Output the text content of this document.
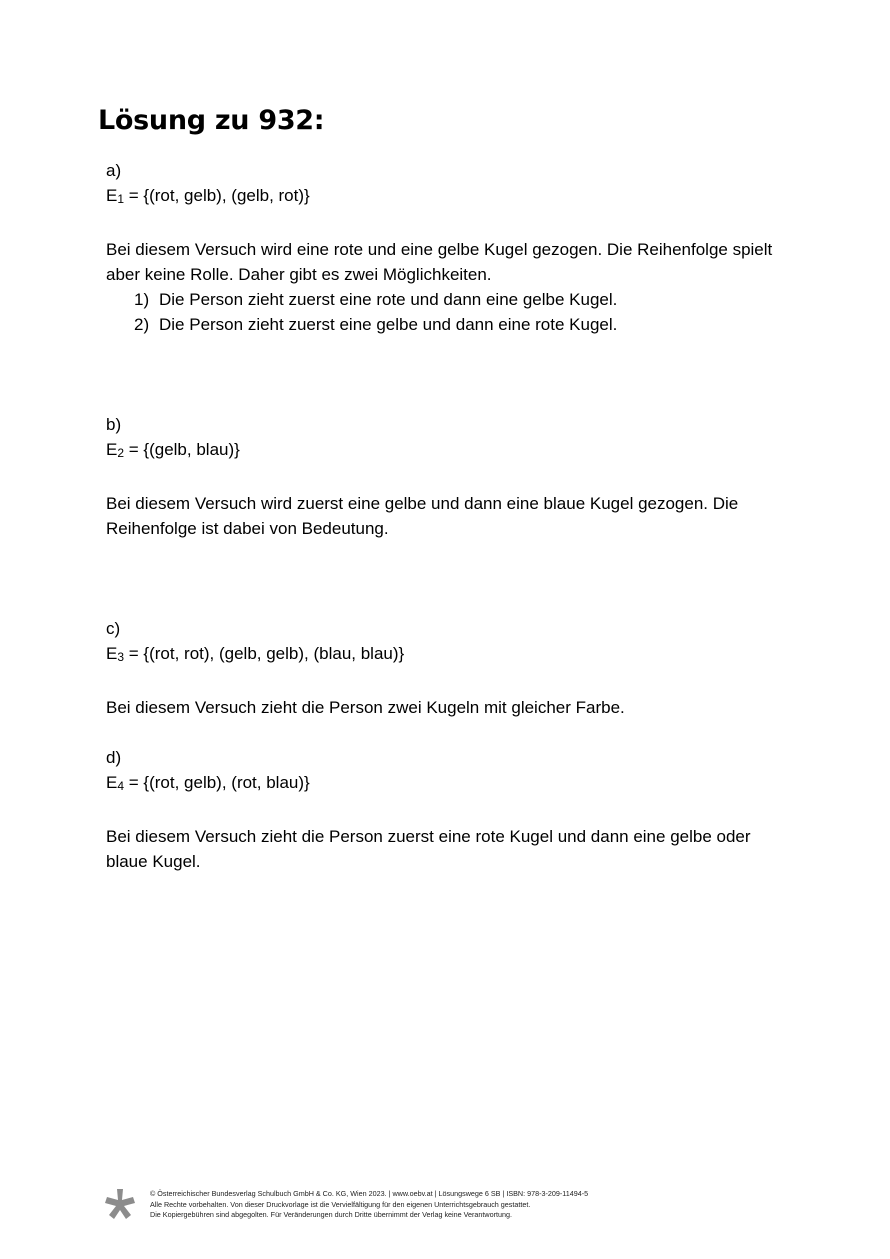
Lösung zu 932:

a)

E1 = {(rot, gelb), (gelb, rot)}

Bei diesem Versuch wird eine rote und eine gelbe Kugel gezogen. Die Reihenfolge spielt

aber keine Rolle. Daher gibt es zwei Möglichkeiten.

1) Die Person zieht zuerst eine rote und dann eine gelbe Kugel.
2) Die Person zieht zuerst eine gelbe und dann eine rote Kugel.

b)

E2 = {(gelb, blau)}

Bei diesem Versuch wird zuerst eine gelbe und dann eine blaue Kugel gezogen. Die

Reihenfolge ist dabei von Bedeutung.

c)

E3 = {(rot, rot), (gelb, gelb), (blau, blau)}

Bei diesem Versuch zieht die Person zwei Kugeln mit gleicher Farbe.

d)

E4 = {(rot, gelb), (rot, blau)}

Bei diesem Versuch zieht die Person zuerst eine rote Kugel und dann eine gelbe oder

blaue Kugel.

© Österreichischer Bundesverlag Schulbuch GmbH & Co. KG, Wien 2023. | www.oebv.at | Lösungswege 6 SB | ISBN: 978-3-209-11494-5
Alle Rechte vorbehalten. Von dieser Druckvorlage ist die Vervielfältigung für den eigenen Unterrichtsgebrauch gestattet.
Die Kopiergebühren sind abgegolten. Für Veränderungen durch Dritte übernimmt der Verlag keine Verantwortung.
